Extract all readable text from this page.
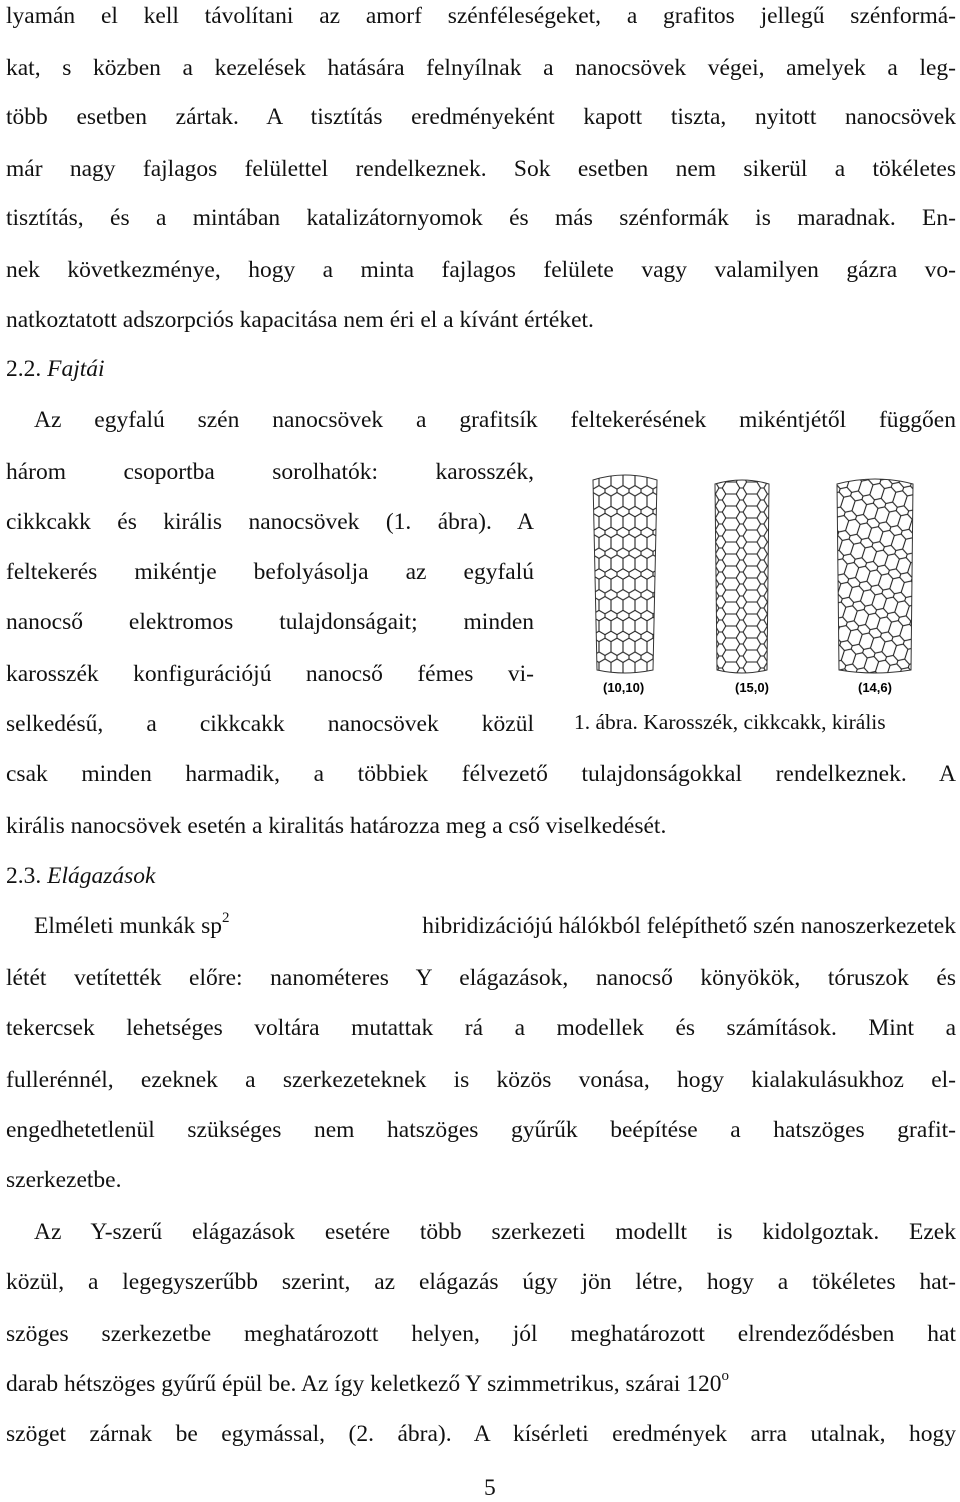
lyamán el kell távolítani az amorf szénféleségeket, a grafitos jellegű szénformá-
kat, s közben a kezelések hatására felnyílnak a nanocsövek végei, amelyek a leg-
több esetben zártak. A tisztítás eredményeként kapott tiszta, nyitott nanocsövek
már nagy fajlagos felülettel rendelkeznek. Sok esetben nem sikerül a tökéletes
tisztítás, és a mintában katalizátornyomok és más szénformák is maradnak. En-
nek következménye, hogy a minta fajlagos felülete vagy valamilyen gázra vo-
natkoztatott adszorpciós kapacitása nem éri el a kívánt értéket.
2.2. Fajtái
Az egyfalú szén nanocsövek a grafitsík feltekerésének mikéntjétől függően
három csoportba sorolhatók: karosszék,
cikkcakk és királis nanocsövek (1. ábra). A
feltekerés mikéntje befolyásolja az egyfalú
nanocső elektromos tulajdonságait; minden
karosszék konfigurációjú nanocső fémes vi-
selkedésű, a cikkcakk nanocsövek közül
(10,10)	(15,0)	(14,6)
1. ábra. Karosszék, cikkcakk, királis
csak minden harmadik, a többiek félvezető tulajdonságokkal rendelkeznek. A
királis nanocsövek esetén a kiralitás határozza meg a cső viselkedését.
2.3. Elágazások
Elméleti munkák $sp^2$	hibridizációjú hálókból felépíthető szén nanoszerkezetek
létét vetítették előre: nanométeres Y elágazások, nanocső könyökök, tóruszok és
tekercsek lehetséges voltára mutattak rá a modellek és számítások. Mint a
fullerénnél, ezeknek a szerkezeteknek is közös vonása, hogy kialakulásukhoz el-
engedhetetlenül szükséges nem hatszöges gyűrűk beépítése a hatszöges grafit-
szerkezetbe.
Az Y-szerű elágazások esetére több szerkezeti modellt is kidolgoztak. Ezek
közül, a legegyszerűbb szerint, az elágazás úgy jön létre, hogy a tökéletes hat-
szöges szerkezetbe meghatározott helyen, jól meghatározott elrendeződésben hat
darab hétszöges gyűrű épül be. Az így keletkező Y szimmetrikus, szárai 120$^o$
szöget zárnak be egymással, (2. ábra). A kísérleti eredmények arra utalnak, hogy
5
